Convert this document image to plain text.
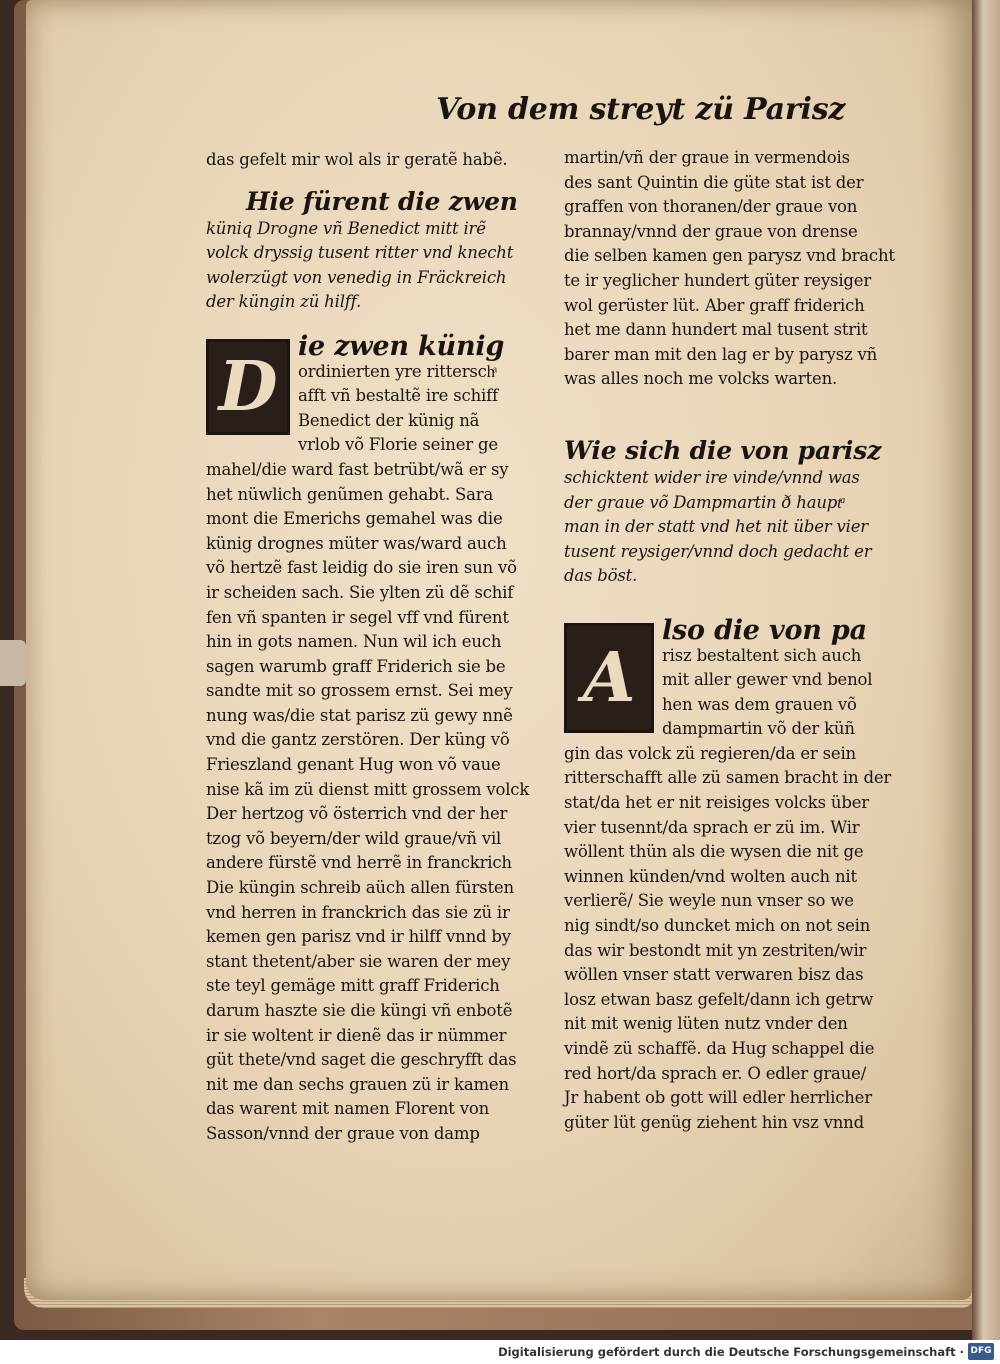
Von dem streyt zü Parisz

das gefelt mir wol als ir geratẽ habẽ.

Hie fürent die zwen

küniq Drogne vñ Benedict mitt irẽ

volck dryssig tusent ritter vnd knecht

wolerzügt von venedig in Fräckreich

der küngin zü hilff.

D

ie zwen künig

ordinierten yre ritterschͣ

afft vñ bestaltẽ ire schiff

Benedict der künig nã

vrlob võ Florie seiner ge

mahel/die ward fast betrübt/wã er sy

het nüwlich genũmen gehabt. Sara

mont die Emerichs gemahel was die

künig drognes müter was/ward auch

võ hertzẽ fast leidig do sie iren sun võ

ir scheiden sach. Sie ylten zü dẽ schif

fen vñ spanten ir segel vff vnd fürent

hin in gots namen. Nun wil ich euch

sagen warumb graff Friderich sie be

sandte mit so grossem ernst. Sei mey

nung was/die stat parisz zü gewy nnẽ

vnd die gantz zerstören. Der küng võ

Frieszland genant Hug won võ vaue

nise kã im zü dienst mitt grossem volck

Der hertzog võ österrich vnd der her

tzog võ beyern/der wild graue/vñ vil

andere fürstẽ vnd herrẽ in franckrich

Die küngin schreib aüch allen fürsten

vnd herren in franckrich das sie zü ir

kemen gen parisz vnd ir hilff vnnd by

stant thetent/aber sie waren der mey

ste teyl gemäge mitt graff Friderich

darum haszte sie die küngi vñ enbotẽ

ir sie woltent ir dienẽ das ir nümmer

güt thete/vnd saget die geschryfft das

nit me dan sechs grauen zü ir kamen

das warent mit namen Florent von

Sasson/vnnd der graue von damp

martin/vñ der graue in vermendois

des sant Quintin die güte stat ist der

graffen von thoranen/der graue von

brannay/vnnd der graue von drense

die selben kamen gen parysz vnd bracht

te ir yeglicher hundert güter reysiger

wol gerüster lüt. Aber graff friderich

het me dann hundert mal tusent strit

barer man mit den lag er by parysz vñ

was alles noch me volcks warten.

Wie sich die von parisz

schicktent wider ire vinde/vnnd was

der graue võ Dampmartin ð hauptͣ

man in der statt vnd het nit über vier

tusent reysiger/vnnd doch gedacht er

das böst.

A

lso die von pa

risz bestaltent sich auch

mit aller gewer vnd benol

hen was dem grauen võ

dampmartin võ der küñ

gin das volck zü regieren/da er sein

ritterschafft alle zü samen bracht in der

stat/da het er nit reisiges volcks über

vier tusennt/da sprach er zü im. Wir

wöllent thün als die wysen die nit ge

winnen künden/vnd wolten auch nit

verlierẽ/ Sie weyle nun vnser so we

nig sindt/so duncket mich on not sein

das wir bestondt mit yn zestriten/wir

wöllen vnser statt verwaren bisz das

losz etwan basz gefelt/dann ich getrw

nit mit wenig lüten nutz vnder den

vindẽ zü schaffẽ. da Hug schappel die

red hort/da sprach er. O edler graue/

Jr habent ob gott will edler herrlicher

güter lüt genüg ziehent hin vsz vnnd

Digitalisierung gefördert durch die Deutsche Forschungsgemeinschaft · DFG
